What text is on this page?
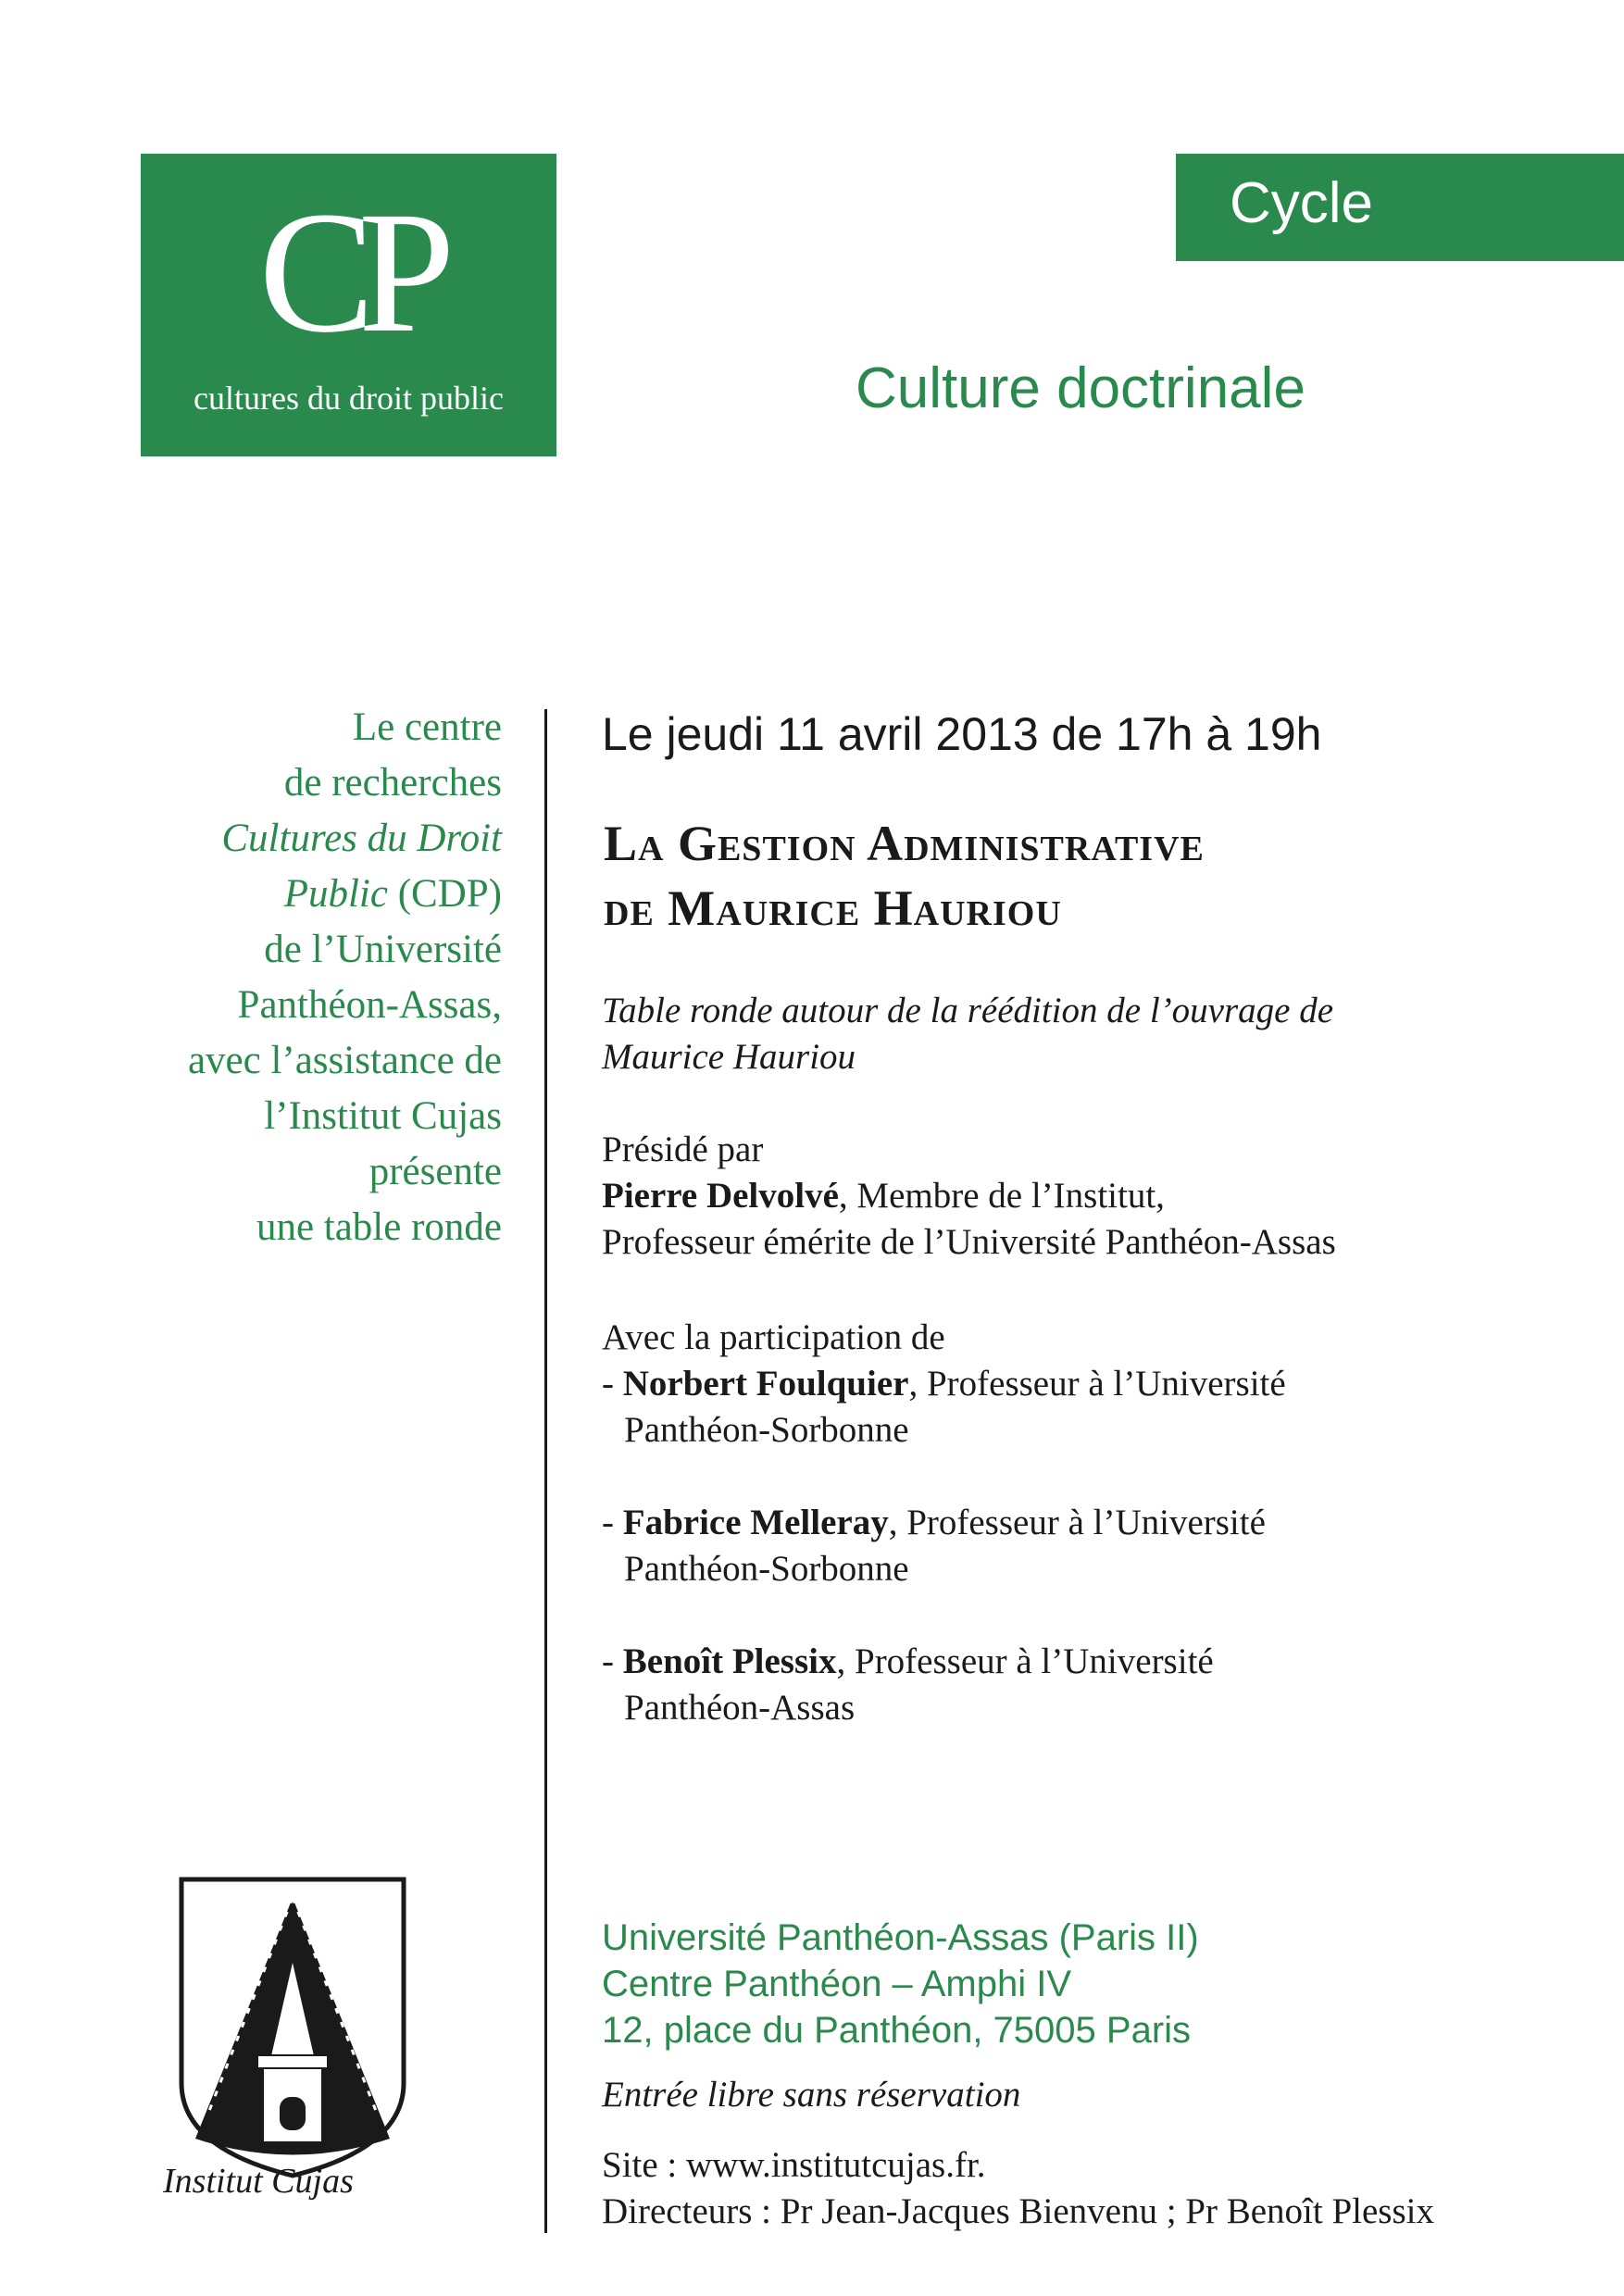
CP
cultures du droit public
Cycle
Culture doctrinale
Le centre
de recherches
Cultures du Droit
Public (CDP)
de l’Université
Panthéon-Assas,
avec l’assistance de
l’Institut Cujas
présente
une table ronde
Le jeudi 11 avril 2013 de 17h à 19h
La Gestion Administrative
de Maurice Hauriou
Table ronde autour de la réédition de l’ouvrage de
Maurice Hauriou
Présidé par
Pierre Delvolvé, Membre de l’Institut,
Professeur émérite de l’Université Panthéon-Assas
Avec la participation de
- Norbert Foulquier, Professeur à l’Université
Panthéon-Sorbonne
- Fabrice Melleray, Professeur à l’Université
Panthéon-Sorbonne
- Benoît Plessix, Professeur à l’Université
Panthéon-Assas
Université Panthéon-Assas (Paris II)
Centre Panthéon – Amphi IV
12, place du Panthéon, 75005 Paris
Entrée libre sans réservation
Site : www.institutcujas.fr.
Directeurs : Pr Jean-Jacques Bienvenu ; Pr Benoît Plessix
Institut Cujas
